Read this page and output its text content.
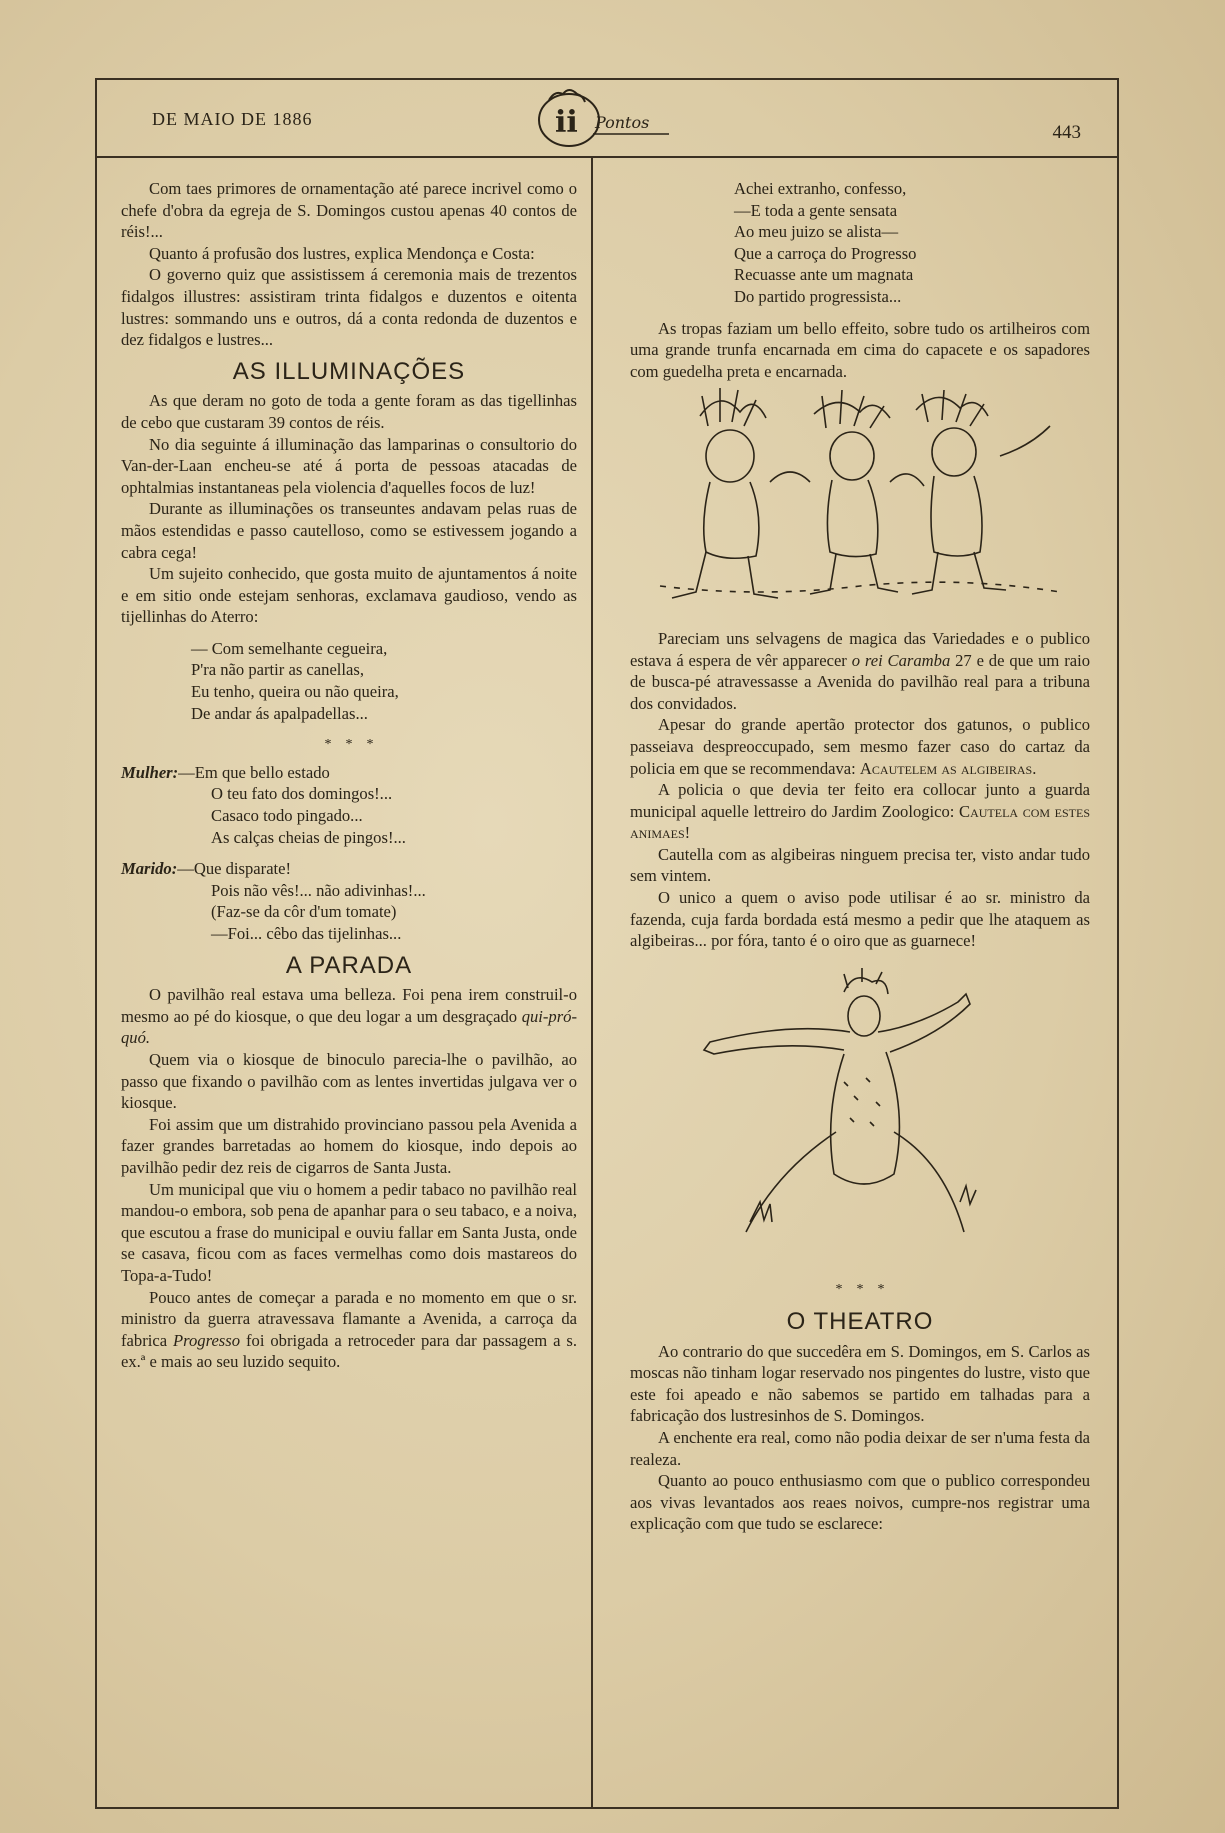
DE MAIO DE 1886	ii Pontos	443

Com taes primores de ornamentação até parece incrivel como o chefe d'obra da egreja de S. Domingos custou apenas 40 contos de réis!...

Quanto á profusão dos lustres, explica Mendonça e Costa:

O governo quiz que assistissem á ceremonia mais de trezentos fidalgos illustres: assistiram trinta fidalgos e duzentos e oitenta lustres: sommando uns e outros, dá a conta redonda de duzentos e dez fidalgos e lustres...

AS ILLUMINAÇÕES

As que deram no goto de toda a gente foram as das tigellinhas de cebo que custaram 39 contos de réis.

No dia seguinte á illuminação das lamparinas o consultorio do Van-der-Laan encheu-se até á porta de pessoas atacadas de ophtalmias instantaneas pela violencia d'aquelles focos de luz!

Durante as illuminações os transeuntes andavam pelas ruas de mãos estendidas e passo cautelloso, como se estivessem jogando a cabra cega!

Um sujeito conhecido, que gosta muito de ajuntamentos á noite e em sitio onde estejam senhoras, exclamava gaudioso, vendo as tijellinhas do Aterro:

— Com semelhante cegueira,
P'ra não partir as canellas,
Eu tenho, queira ou não queira,
De andar ás apalpadellas...
*    *    *
Mulher:—Em que bello estado
O teu fato dos domingos!...
Casaco todo pingado...
As calças cheias de pingos!...
Marido:—Que disparate!
Pois não vês!... não adivinhas!...
(Faz-se da côr d'um tomate)
—Foi... cêbo das tijelinhas...
A PARADA

O pavilhão real estava uma belleza. Foi pena irem construil-o mesmo ao pé do kiosque, o que deu logar a um desgraçado qui-pró-quó.

Quem via o kiosque de binoculo parecia-lhe o pavilhão, ao passo que fixando o pavilhão com as lentes invertidas julgava ver o kiosque.

Foi assim que um distrahido provinciano passou pela Avenida a fazer grandes barretadas ao homem do kiosque, indo depois ao pavilhão pedir dez reis de cigarros de Santa Justa.

Um municipal que viu o homem a pedir tabaco no pavilhão real mandou-o embora, sob pena de apanhar para o seu tabaco, e a noiva, que escutou a frase do municipal e ouviu fallar em Santa Justa, onde se casava, ficou com as faces vermelhas como dois mastareos do Topa-a-Tudo!

Pouco antes de começar a parada e no momento em que o sr. ministro da guerra atravessava flamante a Avenida, a carroça da fabrica Progresso foi obrigada a retroceder para dar passagem a s. ex.ª e mais ao seu luzido sequito.

Achei extranho, confesso,
—E toda a gente sensata
Ao meu juizo se alista—
Que a carroça do Progresso
Recuasse ante um magnata
Do partido progressista...

As tropas faziam um bello effeito, sobre tudo os artilheiros com uma grande trunfa encarnada em cima do capacete e os sapadores com guedelha preta e encarnada.

Pareciam uns selvagens de magica das Variedades e o publico estava á espera de vêr apparecer o rei Caramba 27 e de que um raio de busca-pé atravessasse a Avenida do pavilhão real para a tribuna dos convidados.

Apesar do grande apertão protector dos gatunos, o publico passeiava despreoccupado, sem mesmo fazer caso do cartaz da policia em que se recommendava: Acautelem as algibeiras.

A policia o que devia ter feito era collocar junto a guarda municipal aquelle lettreiro do Jardim Zoologico: Cautela com estes animaes!

Cautella com as algibeiras ninguem precisa ter, visto andar tudo sem vintem.

O unico a quem o aviso pode utilisar é ao sr. ministro da fazenda, cuja farda bordada está mesmo a pedir que lhe ataquem as algibeiras... por fóra, tanto é o oiro que as guarnece!

*    *    *
O THEATRO

Ao contrario do que succedêra em S. Domingos, em S. Carlos as moscas não tinham logar reservado nos pingentes do lustre, visto que este foi apeado e não sabemos se partido em talhadas para a fabricação dos lustresinhos de S. Domingos.

A enchente era real, como não podia deixar de ser n'uma festa da realeza.

Quanto ao pouco enthusiasmo com que o publico correspondeu aos vivas levantados aos reaes noivos, cumpre-nos registrar uma explicação com que tudo se esclarece:
